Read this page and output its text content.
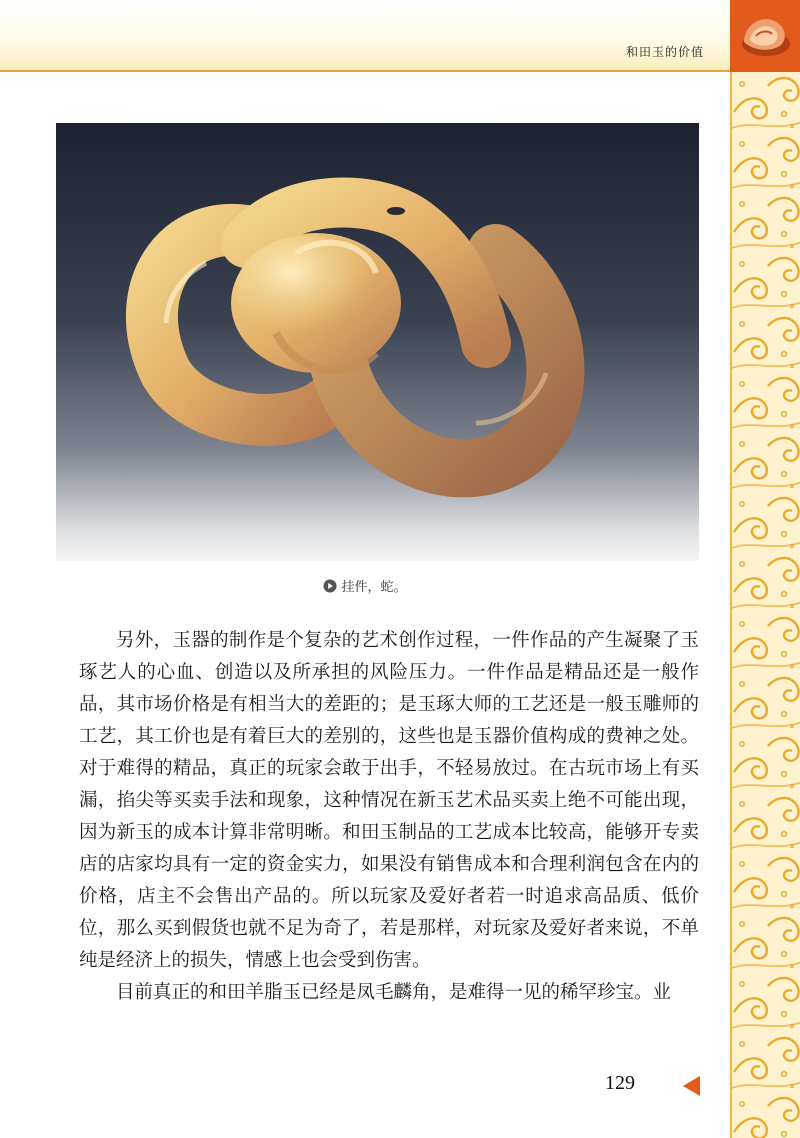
和田玉的价值
挂件，蛇。

另外，玉器的制作是个复杂的艺术创作过程，一件作品的产生凝聚了玉琢艺人的心血、创造以及所承担的风险压力。一件作品是精品还是一般作品，其市场价格是有相当大的差距的；是玉琢大师的工艺还是一般玉雕师的工艺，其工价也是有着巨大的差别的，这些也是玉器价值构成的费神之处。对于难得的精品，真正的玩家会敢于出手，不轻易放过。在古玩市场上有买漏，掐尖等买卖手法和现象，这种情况在新玉艺术品买卖上绝不可能出现，因为新玉的成本计算非常明晰。和田玉制品的工艺成本比较高，能够开专卖店的店家均具有一定的资金实力，如果没有销售成本和合理利润包含在内的价格，店主不会售出产品的。所以玩家及爱好者若一时追求高品质、低价位，那么买到假货也就不足为奇了，若是那样，对玩家及爱好者来说，不单纯是经济上的损失，情感上也会受到伤害。

目前真正的和田羊脂玉已经是凤毛麟角，是难得一见的稀罕珍宝。业

129
